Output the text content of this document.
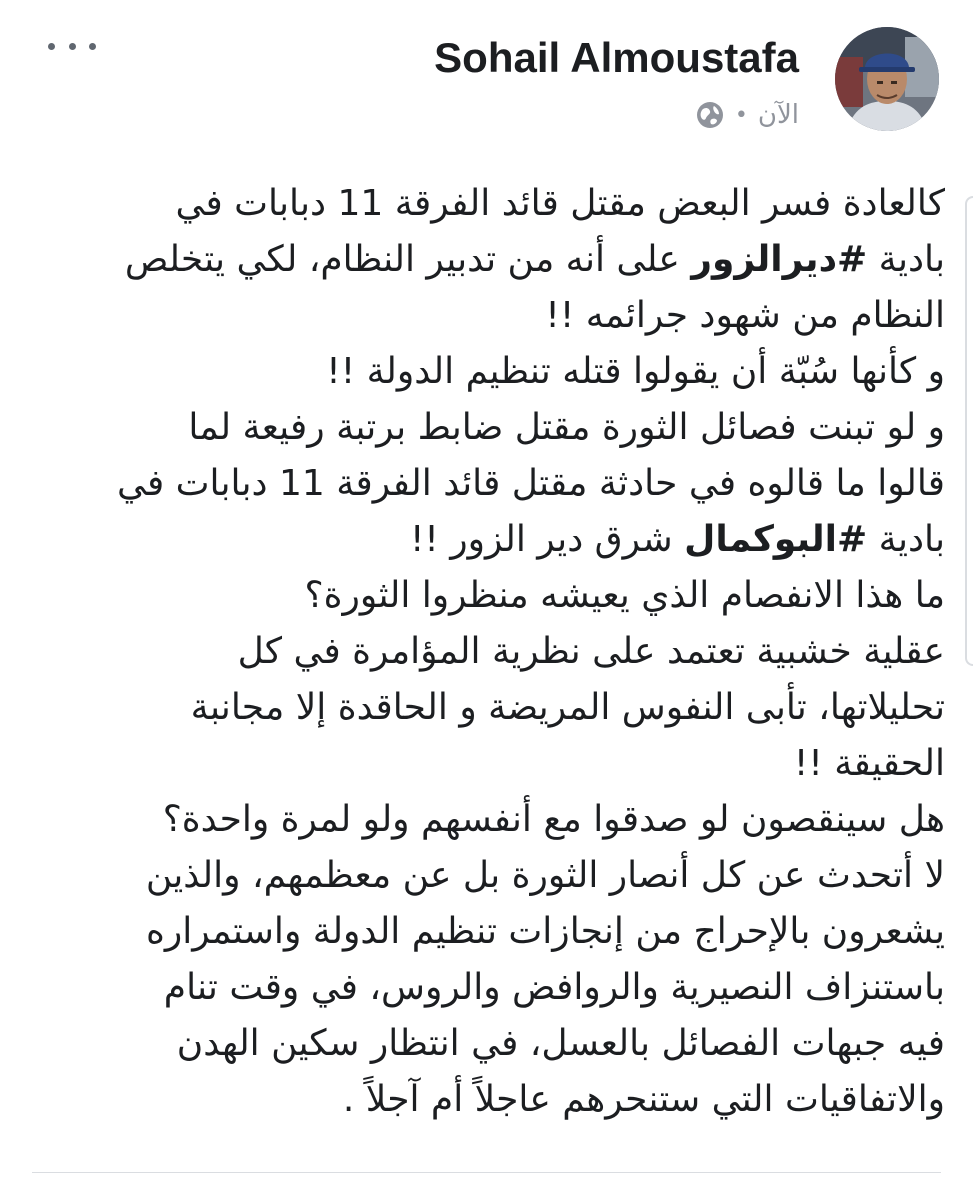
Sohail Almoustafa
الآن
•
كالعادة فسر البعض مقتل قائد الفرقة 11 دبابات في
بادية #ديرالزور على أنه من تدبير النظام، لكي يتخلص
النظام من شهود جرائمه !!
و كأنها سُبّة أن يقولوا قتله تنظيم الدولة !!
و لو تبنت فصائل الثورة مقتل ضابط برتبة رفيعة لما
قالوا ما قالوه في حادثة مقتل قائد الفرقة 11 دبابات في
بادية #البوكمال شرق دير الزور !!
ما هذا الانفصام الذي يعيشه منظروا الثورة؟
عقلية خشبية تعتمد على نظرية المؤامرة في كل
تحليلاتها، تأبى النفوس المريضة و الحاقدة إلا مجانبة
الحقيقة !!
هل سينقصون لو صدقوا مع أنفسهم ولو لمرة واحدة؟
لا أتحدث عن كل أنصار الثورة بل عن معظمهم، والذين
يشعرون بالإحراج من إنجازات تنظيم الدولة واستمراره
باستنزاف النصيرية والروافض والروس، في وقت تنام
فيه جبهات الفصائل بالعسل، في انتظار سكين الهدن
والاتفاقيات التي ستنحرهم عاجلاً أم آجلاً .
